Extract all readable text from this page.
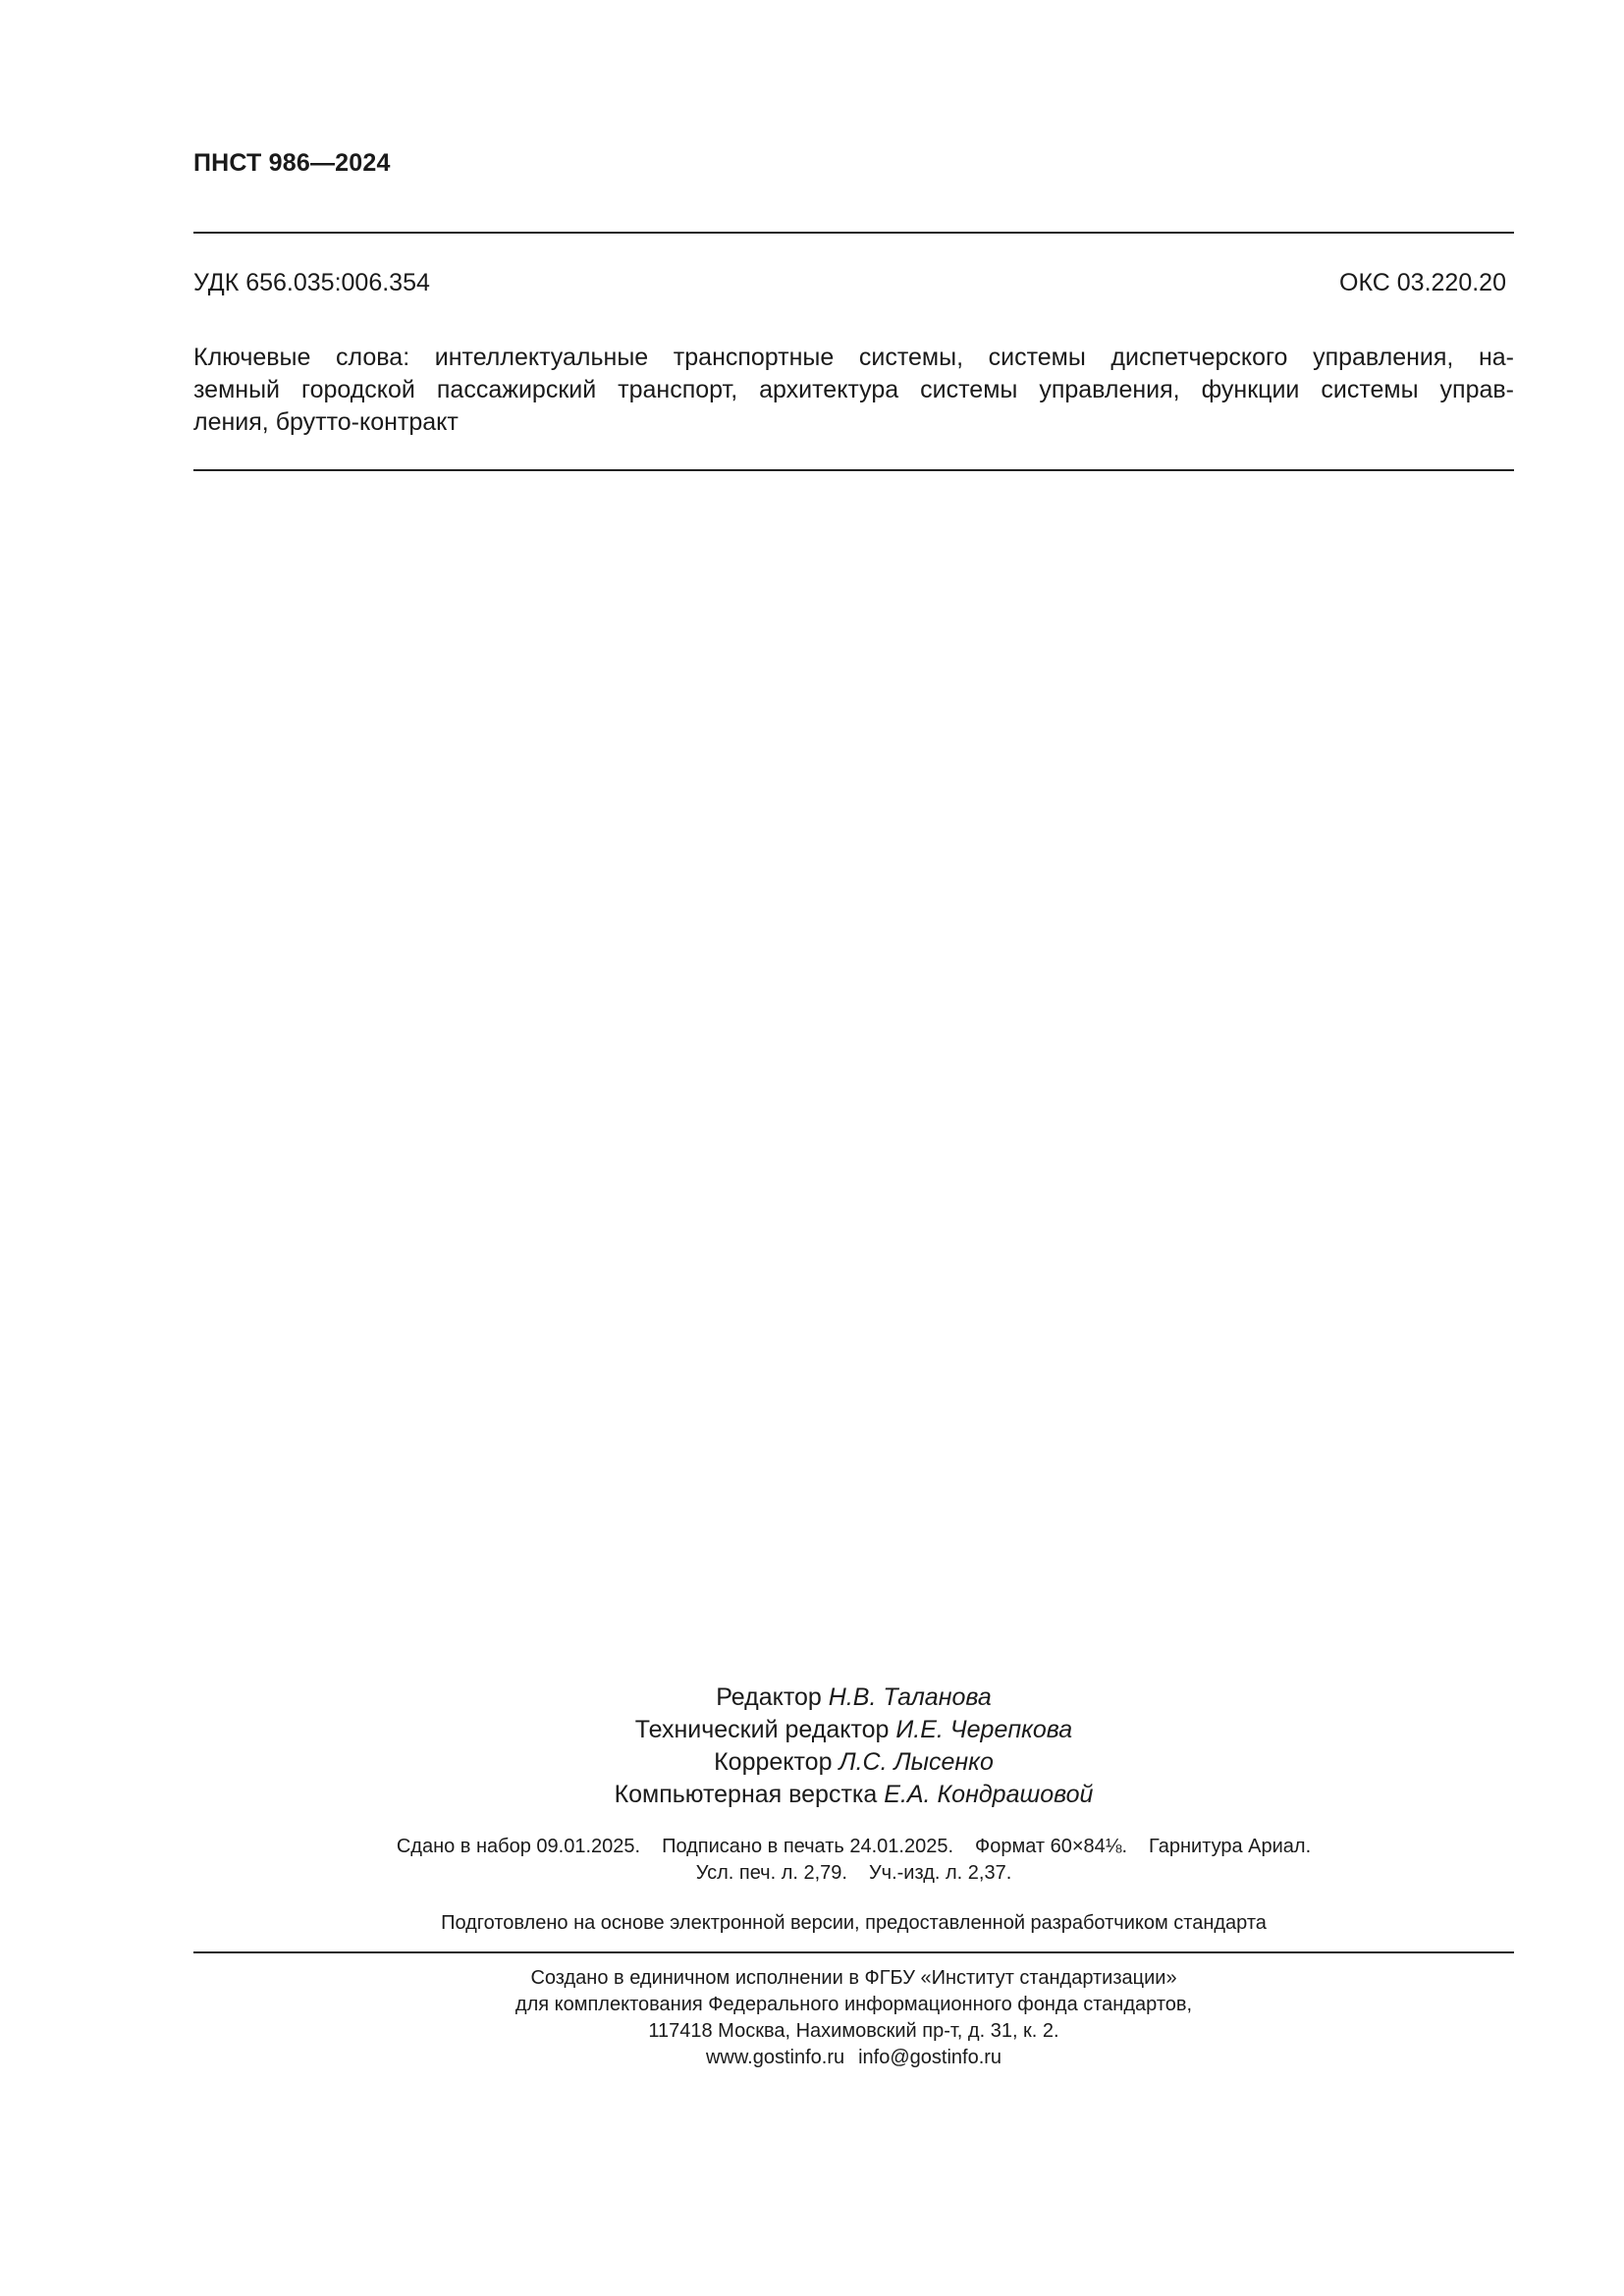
ПНСТ 986—2024
УДК 656.035:006.354	ОКС 03.220.20
Ключевые слова: интеллектуальные транспортные системы, системы диспетчерского управления, на-
земный городской пассажирский транспорт, архитектура системы управления, функции системы управ-
ления, брутто-контракт
Редактор Н.В. Таланова
Технический редактор И.Е. Черепкова
Корректор Л.С. Лысенко
Компьютерная верстка Е.А. Кондрашовой
Сдано в набор 09.01.2025. Подписано в печать 24.01.2025. Формат 60×84⅛. Гарнитура Ариал.
Усл. печ. л. 2,79. Уч.-изд. л. 2,37.
Подготовлено на основе электронной версии, предоставленной разработчиком стандарта
Создано в единичном исполнении в ФГБУ «Институт стандартизации»
для комплектования Федерального информационного фонда стандартов,
117418 Москва, Нахимовский пр-т, д. 31, к. 2.
www.gostinfo.ru info@gostinfo.ru
